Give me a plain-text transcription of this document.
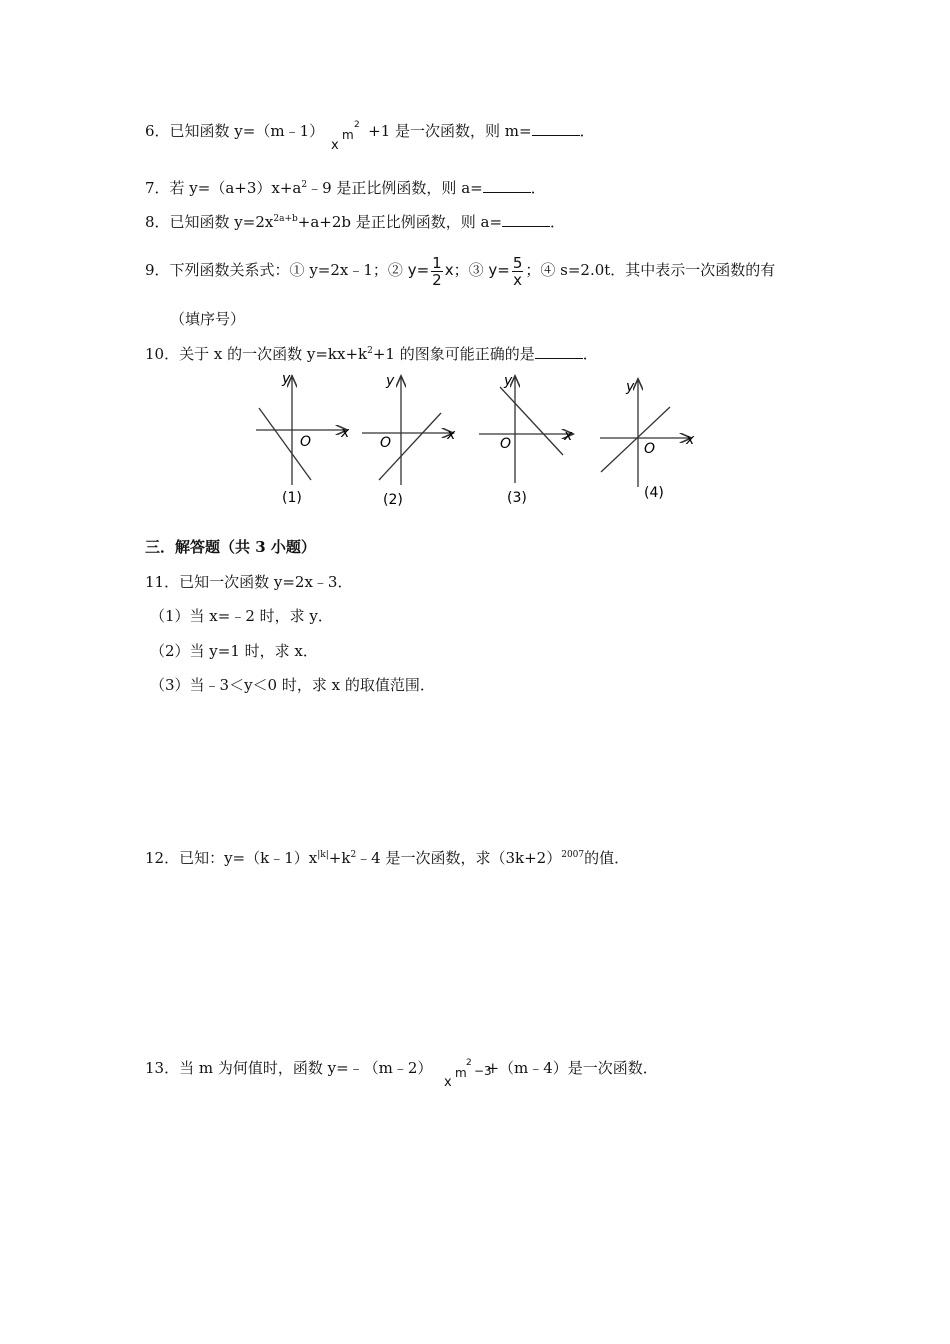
6．已知函数 y=（m﹣1）	+1 是一次函数，则 m=	．
x
m
2
7．若 $y=(a+3)x+a^2﹣9$ 是正比例函数，则 a=	．
8．已知函数 $y=2x^{2a+b}+a+2b$ 是正比例函数，则 a=	．
9．下列函数关系式：① y=2x﹣1；② $y= \frac{1}{2}$ x；③ $y= \frac{5}{x}$ ；④ s=2.0t．其中表示一次函数的有
（填序号）
10．关于 x 的一次函数 $y=kx+k^2+1$ 的图象可能正确的是	．
y
x
O
(1)
y
x
O
(2)
y
x
O
(3)
y
x
O
(4)
三．解答题（共 3 小题）
11．已知一次函数 y=2x﹣3．
（1）当 x=﹣2 时，求 y．
（2）当 y=1 时，求 x．
（3）当﹣3＜y＜0 时，求 x 的取值范围．
12．已知：$y=(k﹣1)x^{|k|}+k^2﹣4$ 是一次函数，求$(3k+2)^{2007}$的值．
13．当 m 为何值时，函数 y=﹣（m﹣2）	+（m﹣4）是一次函数．
x
m
2
−3
